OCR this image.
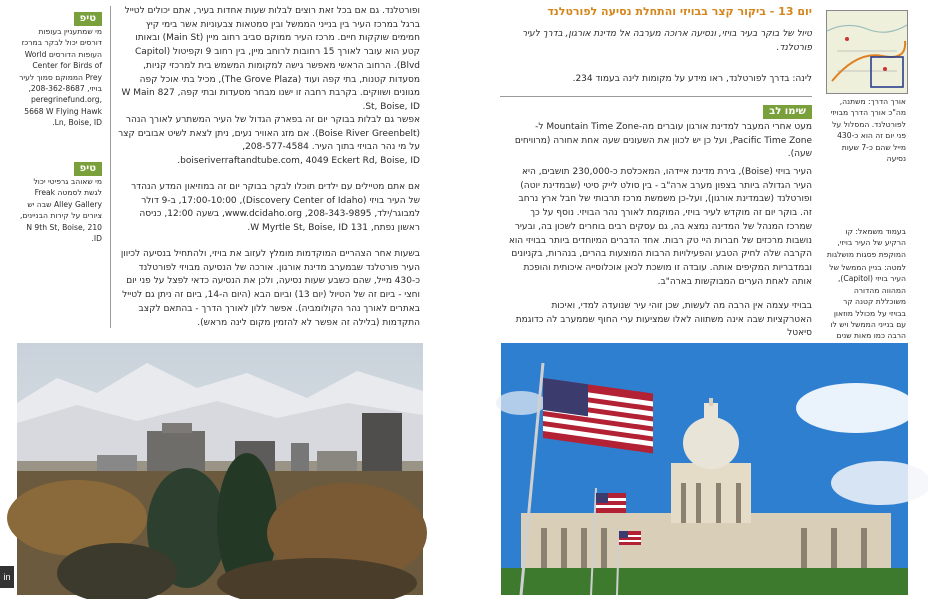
יום 13 - ביקור קצר בבויזי והתחלת נסיעה לפורטלנד
טיול של בוקר בעיר בויזי, ונסיעה ארוכה מערבה אל מדינת אורגון, בדרך לעיר פורטלנד.
לינה: בדרך לפורטלנד, ראו מידע על מקומות לינה בעמוד 234.
אורך הדרך: משתנה, מה"כ אורך הדרך מבויזי לפורטלנד. המסלול על פני יום זה הוא כ-430 מייל שהם כ-7 שעות נסיעה
שימו לב

מעט אחרי המעבר למדינת אורגון עוברים מה-Mountain Time Zone ל-Pacific Time Zone, ועל כן יש לכוון את השעונים שעה אחת אחורה (מרוויחים שעה).

העיר בויזי (Boise), בירת מדינת איידהו, המאכלסת כ-230,000 תושבים, היא העיר הגדולה ביותר בצפון מערב ארה"ב - בין סולט לייק סיטי (שבמדינת יוטה) ופורטלנד (שבמדינת אורגון), ועל-כן משמשת מרכז תרבותי של חבל ארץ נרחב זה. בוקר יום זה מוקדש לעיר בויזי, המוקמת לאורך נהר הבויזי. נוסף על כך שמרכז המנהל של המדינה נמצא בה, גם עסקים רבים בוחרים לשכון בה, ובעיר נושבות מרכזים של חברות היי טק רבות. אחד הדברים המיוחדים ביותר בבויזי הוא הקרבה שלה לחיק הטבע והפעילויות הרבות המוצעות בהרים, בנהרות, בקניונים ובמדבריות המקיפים אותה. עובדה זו מושכת לכאן אוכלוסייה איכותית והופכת אותה לאחת הערים המבוקשות בארה"ב.
בבויזי עצמה אין הרבה מה לעשות, שכן זוהי עיר שנועדה למדי, ואיכות האטרקציות שבה אינה משתווה לאלו שמציעות ערי החוף שממערב לה כדוגמת סיאטל
בעמוד משמאל: קו הרקיע של העיר בויזי, המוקפת פסגות מושלגות
למטה: בניין הממשל של העיר בויזי (Capitol), המהווה מהדורה משוכללת קטנה קר בבויזי על מכולל מוזאון עם בנייני הממשל ויש לו הרבה כמו מאות שנים
ופורטלנד. גם אם בכל זאת רוצים לבלות שעות אחדות בעיר, אתם יכולים לטייל ברגל במרכז העיר בין בנייני הממשל ובין סמטאות צבעוניות אשר בימי קיץ חמימים שוקקות חיים. מרכז העיר ממוקם סביב רחוב מיין (Main St) ובאותו קטע הוא עובר לאורך 15 רחובות לרוחב מיין, בין רחוב 9 וקפיטול (Capitol Blvd). הרחוב הראשי מאפשר גישה למקומות המשמש בית למרכזי קניות, מסעדות קטנות, בתי קפה ועוד (The Grove Plaza), מכיל בתי אוכל קפה מגוונים ושווקים. בקרבת רחבה זו ישנו מבחר מסעדות ובתי קפה, 827 W Main St, Boise, ID.
אפשר גם לבלות בבוקר יום זה בפארק הגדול של העיר המשתרע לאורך הנהר (Boise River Greenbelt). אם מזג האוויר נעים, ניתן לצאת לשיט אבובים קצר על מי נהר הבויזי בתוך העיר. 208-577-4584, boiseriverraftandtube.com, 4049 Eckert Rd, Boise, ID.
אם אתם מטיילים עם ילדים תוכלו לבקר בבוקר יום זה במוזיאון המדע הנהדר של העיר בויזי (Discovery Center of Idaho), 17:00-10:00, ב-9 דולר למבוגר/ילד, 208-343-9895, www.dcidaho.org, בשעה 12:00, כניסה ראשון נפתח, 131 W Myrtle St, Boise, ID.
בשעות אחר הצהריים המוקדמות מומלץ לעזוב את בויזי, ולהתחיל בנסיעה לכיוון העיר פורטלנד שבמערב מדינת אורגון. אורכה של הנסיעה מבויזי לפורטלנד כ-430 מייל, שהם כשבע שעות נסיעה, ולכן את הנסיעה כדאי לפצל על פני יום וחצי - ביום זה של הטיול (יום 13) וביום הבא (היום ה-14, ביום זה ניתן גם לטייל באתרים לאורך נהר הקולומביה). אפשר ללון לאורך הדרך - בהתאם לקצב התקדמות (בלילה זה אפשר לא להזמין מקום לינה מראש).
טיפ

מי שמתעניין בעופות דורסים יכול לבקר במרכז העופות הדורסים World Center for Birds of Prey הממוקם סמוך לעיר בויזי, 208-362-8687, peregrinefund.org, 5668 W Flying Hawk Ln, Boise, ID.

טיפ

מי שאוהב גרפיטי יכול לגשת לסמטה Freak Alley Gallery שבה יש ציורים על קירות הבניינים, 210 N 9th St, Boise, ID.

in
